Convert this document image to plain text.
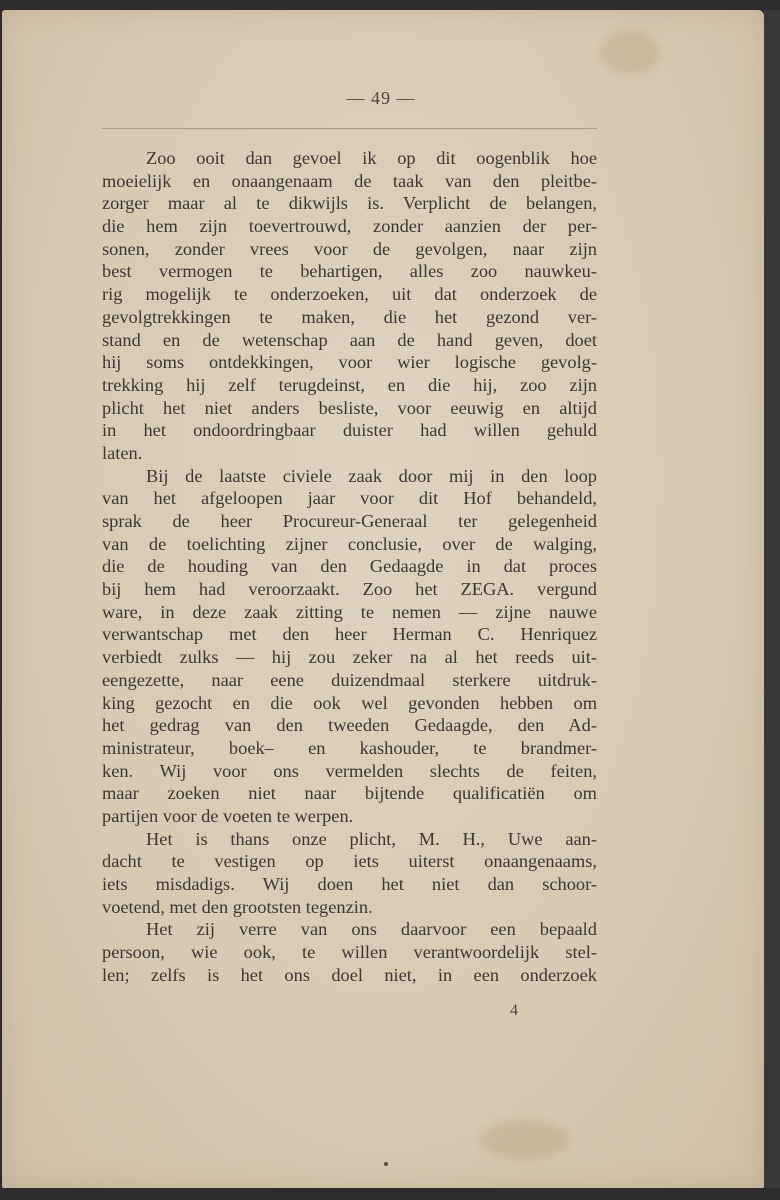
— 49 —
Zoo ooit dan gevoel ik op dit oogenblik hoe
moeielijk en onaangenaam de taak van den pleitbe-
zorger maar al te dikwijls is. Verplicht de belangen,
die hem zijn toevertrouwd, zonder aanzien der per-
sonen, zonder vrees voor de gevolgen, naar zijn
best vermogen te behartigen, alles zoo nauwkeu-
rig mogelijk te onderzoeken, uit dat onderzoek de
gevolgtrekkingen te maken, die het gezond ver-
stand en de wetenschap aan de hand geven, doet
hij soms ontdekkingen, voor wier logische gevolg-
trekking hij zelf terugdeinst, en die hij, zoo zijn
plicht het niet anders besliste, voor eeuwig en altijd
in het ondoordringbaar duister had willen gehuld
laten.
Bij de laatste civiele zaak door mij in den loop
van het afgeloopen jaar voor dit Hof behandeld,
sprak de heer Procureur-Generaal ter gelegenheid
van de toelichting zijner conclusie, over de walging,
die de houding van den Gedaagde in dat proces
bij hem had veroorzaakt. Zoo het ZEGA. vergund
ware, in deze zaak zitting te nemen — zijne nauwe
verwantschap met den heer Herman C. Henriquez
verbiedt zulks — hij zou zeker na al het reeds uit-
eengezette, naar eene duizendmaal sterkere uitdruk-
king gezocht en die ook wel gevonden hebben om
het gedrag van den tweeden Gedaagde, den Ad-
ministrateur, boek– en kashouder, te brandmer-
ken. Wij voor ons vermelden slechts de feiten,
maar zoeken niet naar bijtende qualificatiën om
partijen voor de voeten te werpen.
Het is thans onze plicht, M. H., Uwe aan-
dacht te vestigen op iets uiterst onaangenaams,
iets misdadigs. Wij doen het niet dan schoor-
voetend, met den grootsten tegenzin.
Het zij verre van ons daarvoor een bepaald
persoon, wie ook, te willen verantwoordelijk stel-
len; zelfs is het ons doel niet, in een onderzoek
4
